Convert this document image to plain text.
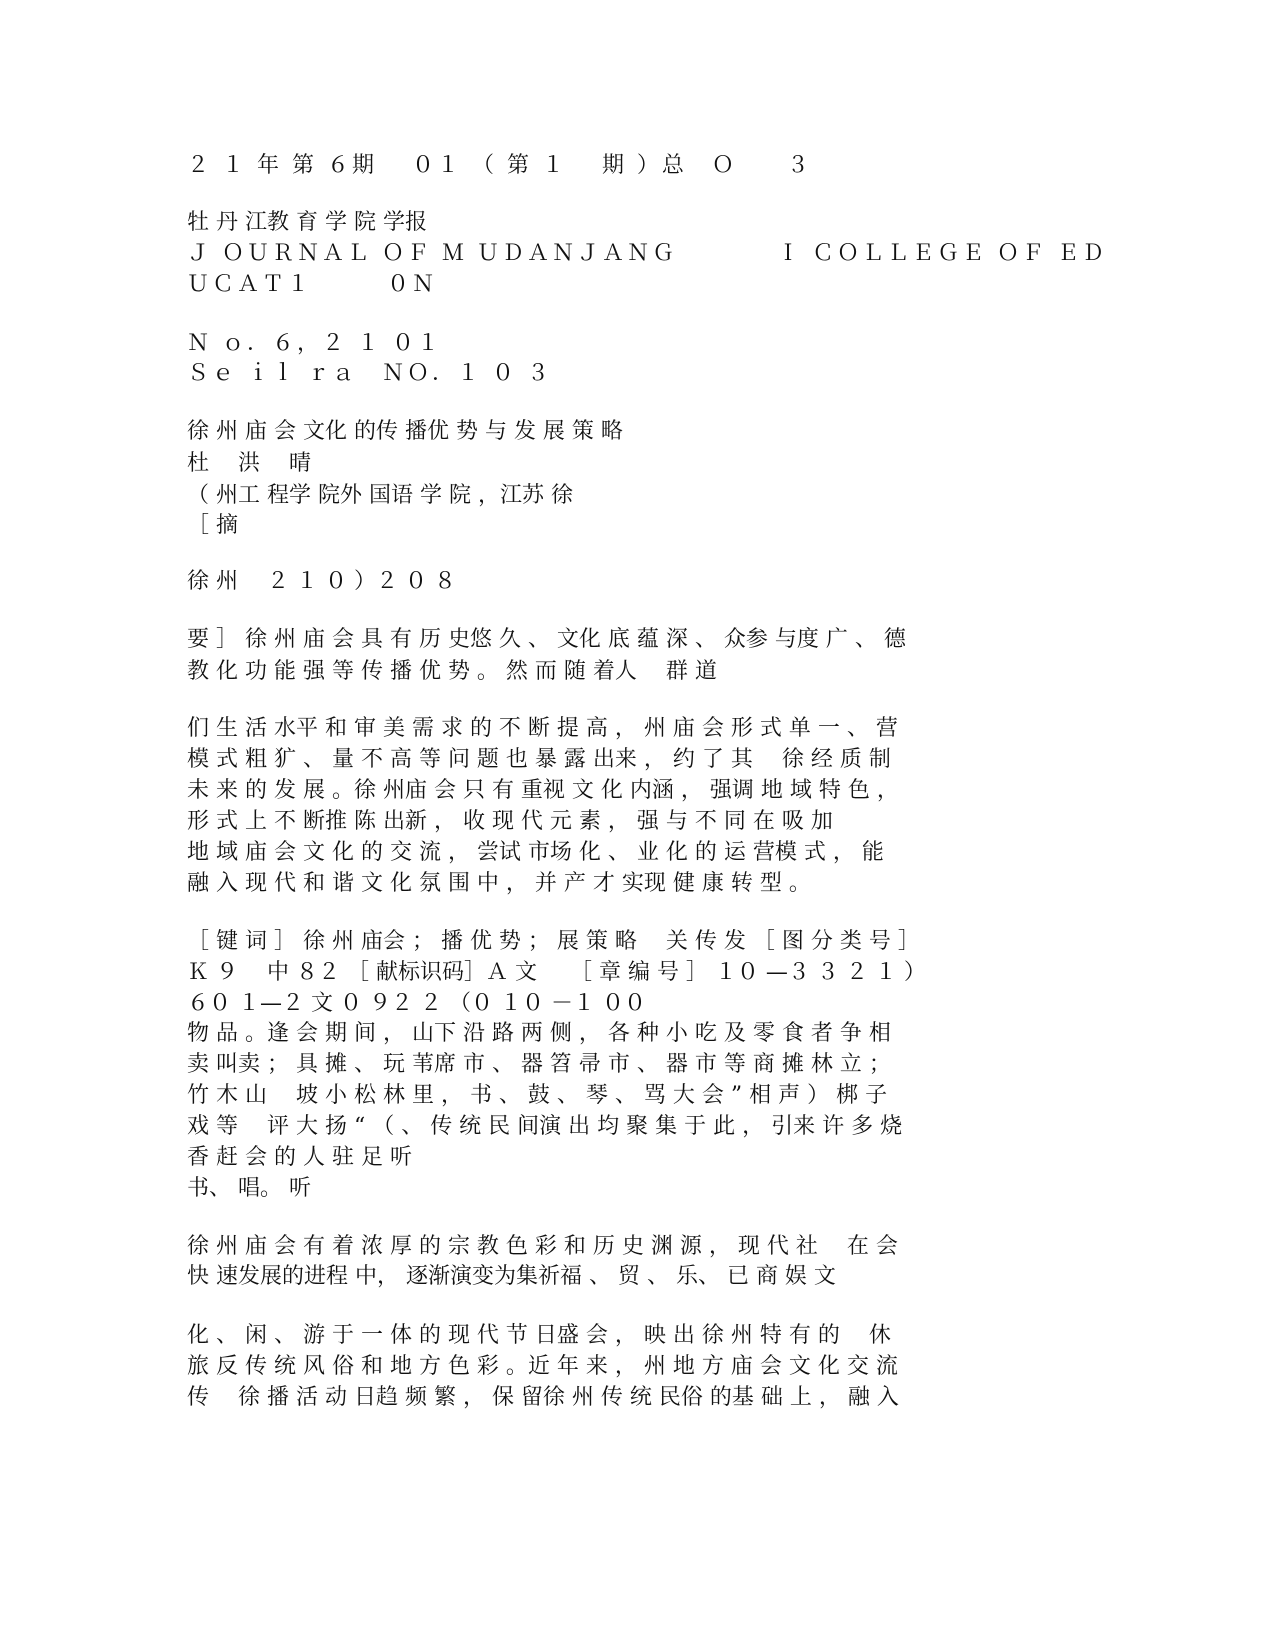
２ １ 年 第 ６期　 ０１ （ 第 １　 期 ）总　Ｏ　　３

牡 丹 江教 育 学 院 学报

Ｊ ＯＵＲＮＡＬ ＯＦ Ｍ ＵＤＡＮＪＡＮＧ　　　　Ｉ ＣＯＬＬＥＧＥ ＯＦ ＥＤ

ＵＣＡＴ１　　　０Ｎ

Ｎ ｏ．６，２ １ ０１

Ｓｅ ｉｌ ｒａ　ＮＯ．１ ０ ３

徐 州 庙 会 文化 的传 播优 势 与 发 展 策 略

杜　 洪　 晴

（ 州工 程学 院外 国语 学 院 ，江苏 徐

［ 摘

徐 州　 ２ １ ０ ）２ ０ ８

要 ］ 徐 州 庙 会 具 有 历 史悠 久 、 文化 底 蕴 深 、 众参 与度 广 、 德

教 化 功 能 强 等 传 播 优 势 。 然 而 随 着人　 群 道

们 生 活 水平 和 审 美 需 求 的 不 断 提 高 ， 州 庙 会 形 式 单 一 、 营

模 式 粗 犷 、 量 不 高 等 问 题 也 暴 露 出来 ， 约 了 其　 徐 经 质 制

未 来 的 发 展 。徐 州庙 会 只 有 重视 文 化 内涵 ， 强调 地 域 特 色 ，

形 式 上 不 断推 陈 出新 ， 收 现 代 元 素 ， 强 与 不 同 在 吸 加

地 域 庙 会 文 化 的 交 流 ， 尝试 市场 化 、 业 化 的 运 营模 式 ， 能

融 入 现 代 和 谐 文 化 氛 围 中 ， 并 产 才 实现 健 康 转 型 。

［ 键 词 ］ 徐 州 庙会 ； 播 优 势 ； 展 策 略　 关 传 发 ［ 图 分 类 号 ］

Ｋ ９　 中 ８２ ［ 献标识码］Ａ 文　　［ 章 编 号 ］ １０ —３ ３ ２ １ ）

６０ １—２ 文 ０ ９２ ２ （０ １０ －１ ００

物 品 。逢 会 期 间 ， 山下 沿 路 两 侧 ， 各 种 小 吃 及 零 食 者 争 相

卖 叫卖 ； 具 摊 、 玩 苇席 市 、 器 笤 帚 市 、 器 市 等 商 摊 林 立 ；

竹 木 山　 坡 小 松 林 里 ， 书 、 鼓 、 琴 、 骂 大 会 ” 相 声 ） 梆 子

戏 等　 评 大 扬 “ （ 、 传 统 民 间演 出 均 聚 集 于 此 ， 引来 许 多 烧

香 赶 会 的 人 驻 足 听

书、 唱。 听

徐 州 庙 会 有 着 浓 厚 的 宗 教 色 彩 和 历 史 渊 源 ， 现 代 社　 在 会

快 速发展的进程 中， 逐渐演变为集祈福 、 贸 、 乐、 已 商 娱 文

化 、 闲 、 游 于 一 体 的 现 代 节 日盛 会 ， 映 出 徐 州 特 有 的　 休

旅 反 传 统 风 俗 和 地 方 色 彩 。近 年 来 ， 州 地 方 庙 会 文 化 交 流

传　 徐 播 活 动 日趋 频 繁 ， 保 留徐 州 传 统 民俗 的基 础 上 ， 融 入
